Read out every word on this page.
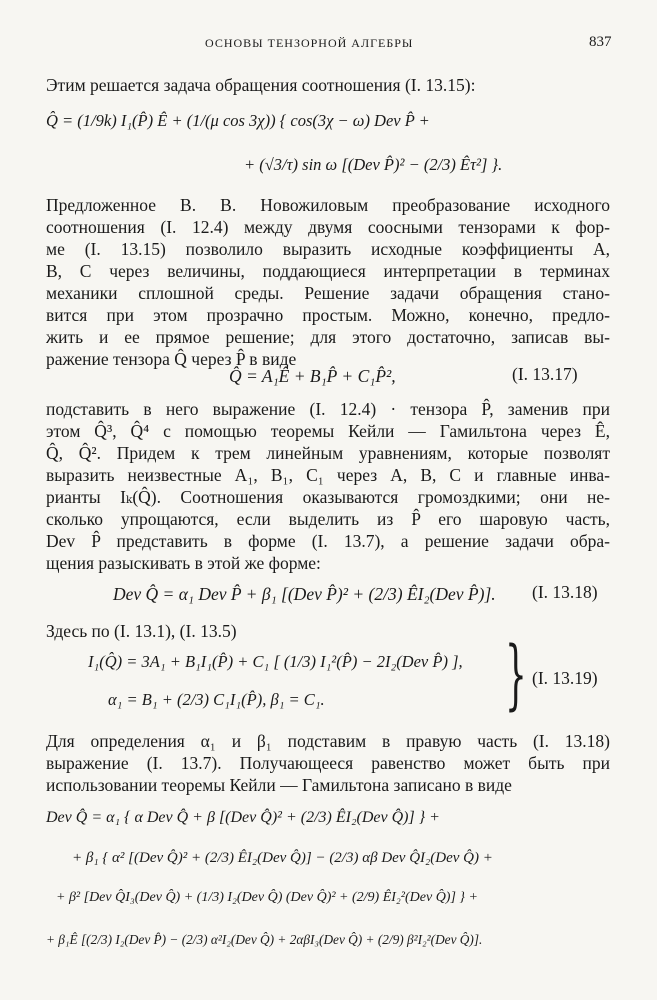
ОСНОВЫ ТЕНЗОРНОЙ АЛГЕБРЫ	837
Этим решается задача обращения соотношения (I. 13.15):
Q̂ = (1/9k) I₁(P̂) Ê + (1/(μ cos 3χ)) { cos(3χ − ω) Dev P̂ +
+ (√3/τ) sin ω [(Dev P̂)² − (2/3) Êτ²] }.

Предложенное В. В. Новожиловым преобразование исходного

соотношения (I. 12.4) между двумя соосными тензорами к фор-

ме (I. 13.15) позволило выразить исходные коэффициенты A,

B, C через величины, поддающиеся интерпретации в терминах

механики сплошной среды. Решение задачи обращения стано-

вится при этом прозрачно простым. Можно, конечно, предло-

жить и ее прямое решение; для этого достаточно, записав вы-

ражение тензора Q̂ через P̂ в виде

Q̂ = A₁Ê + B₁P̂ + C₁P̂²,	(I. 13.17)

подставить в него выражение (I. 12.4) · тензора P̂, заменив при

этом Q̂³, Q̂⁴ с помощью теоремы Кейли — Гамильтона через Ê,

Q̂, Q̂². Придем к трем линейным уравнениям, которые позволят

выразить неизвестные A₁, B₁, C₁ через A, B, C и главные инва-

рианты Iₖ(Q̂). Соотношения оказываются громоздкими; они не-

сколько упрощаются, если выделить из P̂ его шаровую часть,

Dev P̂ представить в форме (I. 13.7), а решение задачи обра-

щения разыскивать в этой же форме:

Dev Q̂ = α₁ Dev P̂ + β₁ [(Dev P̂)² + (2/3) ÊI₂(Dev P̂)]. (I. 13.18)
Здесь по (I. 13.1), (I. 13.5)
I₁(Q̂) = 3A₁ + B₁I₁(P̂) + C₁ [ (1/3) I₁²(P̂) − 2I₂(Dev P̂) ],
α₁ = B₁ + (2/3) C₁I₁(P̂), β₁ = C₁. } (I. 13.19)

Для определения α₁ и β₁ подставим в правую часть (I. 13.18)

выражение (I. 13.7). Получающееся равенство может быть при

использовании теоремы Кейли — Гамильтона записано в виде

Dev Q̂ = α₁ { α Dev Q̂ + β [(Dev Q̂)² + (2/3) ÊI₂(Dev Q̂)] } +
+ β₁ { α² [(Dev Q̂)² + (2/3) ÊI₂(Dev Q̂)] − (2/3) αβ Dev Q̂I₂(Dev Q̂) +
+ β² [Dev Q̂I₃(Dev Q̂) + (1/3) I₂(Dev Q̂) (Dev Q̂)² + (2/9) ÊI₂²(Dev Q̂)] } +
+ β₁Ê [(2/3) I₂(Dev P̂) − (2/3) α²I₂(Dev Q̂) + 2αβI₃(Dev Q̂) + (2/9) β²I₂²(Dev Q̂)].
